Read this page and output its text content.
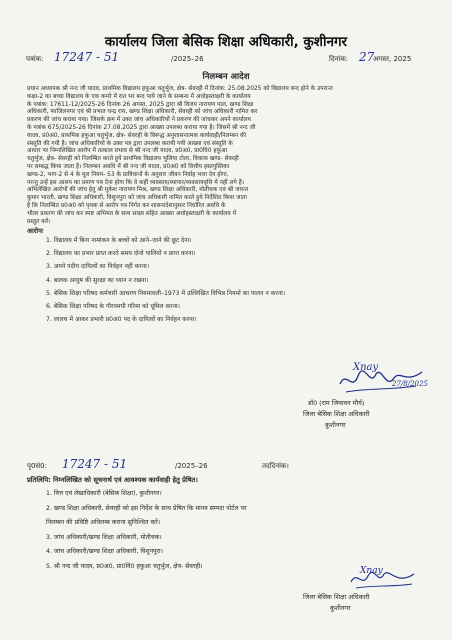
कार्यालय जिला बेसिक शिक्षा अधिकारी, कुशीनगर
पत्रांक: 17247 - 51	/2025–26	दिनांक: 27
अगस्त, 2025
निलम्बन आदेश
प्रधान अध्यापक श्री नन्द जी यादव, प्राथमिक विद्यालय हफुआ चतुर्भुज, क्षेत्र- सेवरही में दिनांक: 25.08.2025 को विद्यालय बन्द होने के उपरान्त
कक्षा-2 का बच्चा विद्यालय के एक कमरे में रात भर बन्द पाये जाने के सम्बन्ध में अधोहस्ताक्षरी के कार्यालय
के पत्रांक: 17611-12/2025-26 दिनांक 26 अगस्त, 2025 द्वारा श्री विजय नारायण पाल, खण्ड शिक्षा
अधिकारी, फाजिलनगर एवं श्री प्रभात चन्द्र राय, खण्ड शिक्षा अधिकारी, सेवरही को जांच अधिकारी नामित कर
प्रकरण की जांच कराया गया। जिसके क्रम में उक्त जांच अधिकारियों ने प्रकरण की जांचकर अपने कार्यालय
के पत्रांक 675/2025-26 दिनांक 27.08.2025 द्वारा आख्या उपलब्ध कराया गया है। जिसमें श्री नन्द जी
यादव, प्र0अ0, प्राथमिक हफुआ चतुर्भुज, क्षेत्र- सेवरही के विरूद्ध अनुशासनात्मक कार्यवाही/निलम्बन की
संस्तुति की गयी है। जांच अधिकारियों के उक्त पत्र द्वारा उपलब्ध करायी गयी आख्या एवं संस्तुति के
आधार पर निम्नलिखित आरोप में तत्काल प्रभाव से श्री नन्द जी यादव, प्र0अ0, प्रा0वि0 हफुआ
चतुर्भुज, क्षेत्र- सेवरही को निलम्बित करते हुये प्राथमिक विद्यालय भुलिया टोला, विकास खण्ड- सेवरही
पर सम्बद्ध किया जाता है। निलम्बन अवधि में श्री नन्द जी यादव, प्र0अ0 को वित्तीय हस्तपुस्तिका
खण्ड-2, भाग-2 से 4 के मूल नियम- 53 के प्राविधानों के अनुसार जीवन निर्वाह भत्ता देय होगा,
परन्तु उन्हें इस आशय का प्रमाण पत्र देना होगा कि वे कहीं व्यवसाय/व्यापार/व्यवसायवृत्ति में नहीं लगे हैं।
अभिलेखित आरोपों की जांच हेतु श्री मुकेश नारायण मिश्र, खण्ड शिक्षा अधिकारी, मोतीचक एवं श्री जयन्त
कुमार भारती, खण्ड शिक्षा अधिकारी, विशुनपुरा को जांच अधिकारी नामित करते हुये निर्देशित किया जाता
है कि निलम्बित प्र0अ0 को पृथक से आरोप पत्र निर्गत कर शासनादेशानुसार निर्धारित अवधि के
भीतर प्रकरण की जांच कर स्पष्ट अभिमत के साथ साक्ष्य सहित आख्या अधोहस्ताक्षरी के कार्यालय में
प्रस्तुत करें।
आरोपः
1. विद्यालय में बिना नामांकन के बच्चों को आने–जाने की छूट देना।
2. विद्यालय का प्रभार प्राप्त करते समय दोनो पालियों न प्राप्त करना।
3. अपने पदीय दायित्वों का निर्वहन नहीं करना।
4. बालक आयुष की सुरक्षा का ध्यान न रखना।
5. बेसिक शिक्षा परिषद कर्मचारी आचरण नियमावली–1973 में उल्लिखित विभिन्न नियमों का पालन न करना।
6. बेसिक शिक्षा परिषद के गौरवमयी गरिमा को धूमिल करना।
7. लालच में आकर प्रभारी प्र0अ0 पद के दायित्वों का निर्वहन करना।
Xnay
27/8/2025
डॉ0 (राम जियावन मौर्य)
जिला बेसिक शिक्षा अधिकारी
कुशीनगर
पृ0सं0: 17247 - 51	/2025–26	तददिनांक।
प्रतिलिपि: निम्नलिखित को सूचनार्थ एवं आवश्यक कार्यवाही हेतु प्रेषित।
1. वित्त एवं लेखाधिकारी (बेसिक शिक्षा), कुशीनगर।
2. खण्ड शिक्षा अधिकारी, सेवरही को इस निर्देश के साथ प्रेषित कि मानव सम्पदा पोर्टल पर
निलम्बन की प्रविष्टि अविलम्ब कराना सुनिश्चित करें।
3. जांच अधिकारी/खण्ड शिक्षा अधिकारी, मोतीचक।
4. जांच अधिकारी/खण्ड शिक्षा अधिकारी, विशुनपुरा।
5. श्री नन्द जी यादव, प्र0अ0, प्रा0वि0 हफुआ चतुर्भुज, क्षेत्र- सेवरही।	Xnay
जिला बेसिक शिक्षा अधिकारी
कुशीनगर
